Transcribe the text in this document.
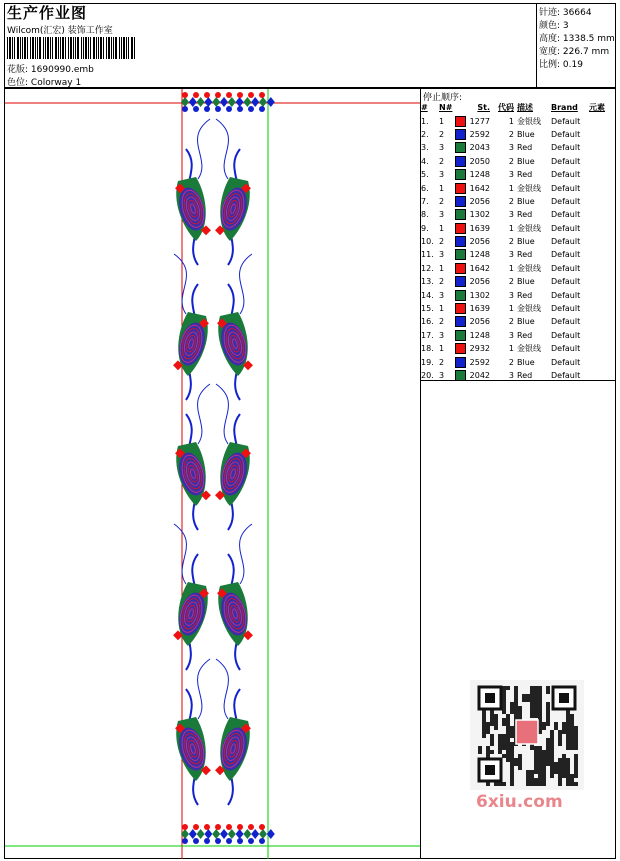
生产作业图
Wilcom(汇宏) 装饰工作室
花版: 1690990.emb
色位: Colorway 1
针迹: 36664
颜色: 3
高度: 1338.5 mm
宽度: 226.7 mm
比例: 0.19
停止顺序:
#	N#		St.	代码	描述	Brand	元素
1.	1		1277	1	金银线	Default	
2.	2		2592	2	Blue	Default	
3.	3		2043	3	Red	Default	
4.	2		2050	2	Blue	Default	
5.	3		1248	3	Red	Default	
6.	1		1642	1	金银线	Default	
7.	2		2056	2	Blue	Default	
8.	3		1302	3	Red	Default	
9.	1		1639	1	金银线	Default	
10.	2		2056	2	Blue	Default	
11.	3		1248	3	Red	Default	
12.	1		1642	1	金银线	Default	
13.	2		2056	2	Blue	Default	
14.	3		1302	3	Red	Default	
15.	1		1639	1	金银线	Default	
16.	2		2056	2	Blue	Default	
17.	3		1248	3	Red	Default	
18.	1		2932	1	金银线	Default	
19.	2		2592	2	Blue	Default	
20.	3		2042	3	Red	Default	
6xiu.com
